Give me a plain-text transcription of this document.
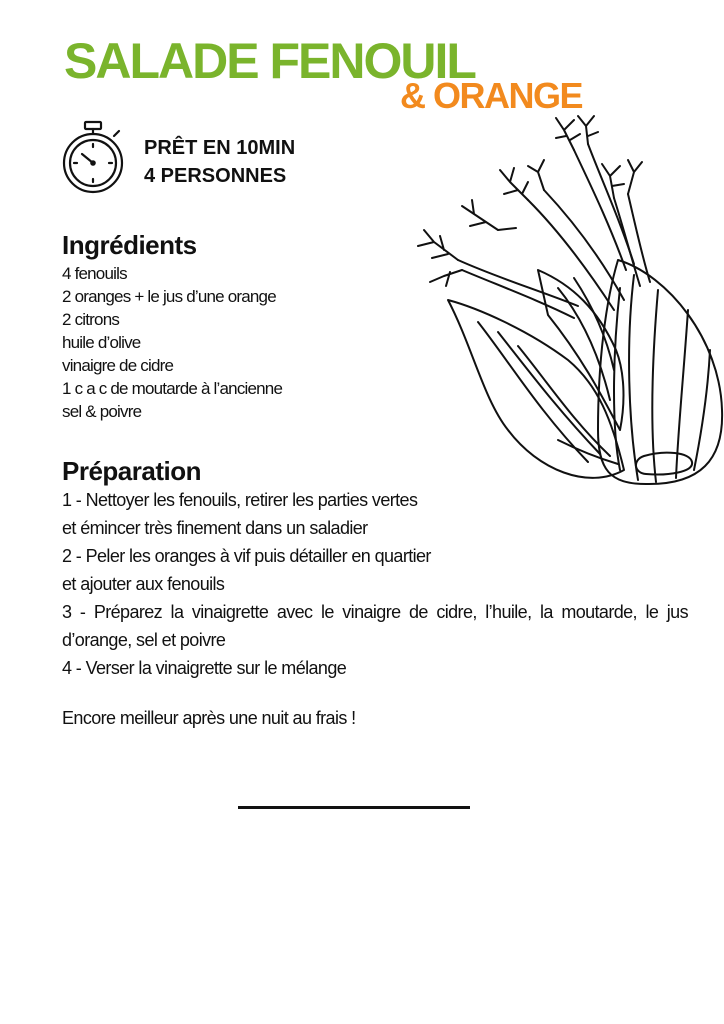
SALADE FENOUIL
& ORANGE
PRÊT EN 10MIN
4 PERSONNES
Ingrédients
4 fenouils
2 oranges + le jus d’une orange
2 citrons
huile d’olive
vinaigre de cidre
1 c a c de moutarde à l’ancienne
sel & poivre
Préparation
1 - Nettoyer les fenouils, retirer les parties vertes
et émincer très finement dans un saladier
2 - Peler les oranges à vif puis détailler en quartier
et ajouter aux fenouils
3 - Préparez la vinaigrette avec le vinaigre de cidre, l’huile, la moutarde, le jus d’orange, sel et poivre
4 - Verser la vinaigrette sur le mélange
Encore meilleur après une nuit au frais !
